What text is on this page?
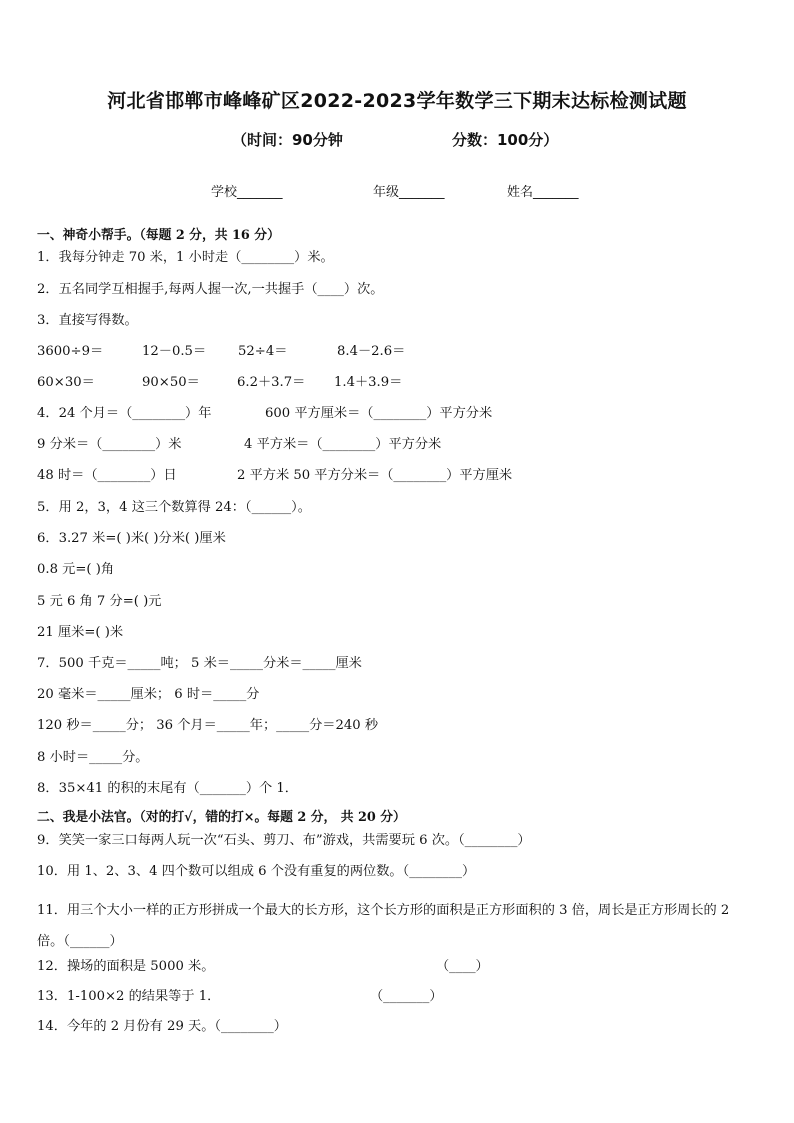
河北省邯郸市峰峰矿区2022-2023学年数学三下期末达标检测试题
（时间：90分钟	分数：100分）
学校_______	年级_______	姓名_______
一、神奇小帮手。（每题 2 分，共 16 分）
1．我每分钟走 70 米，1 小时走（________）米。
2．五名同学互相握手,每两人握一次,一共握手（____）次。
3．直接写得数。
3600÷9＝	12－0.5＝ 52÷4＝	8.4－2.6＝
60×30＝	90×50＝	6.2＋3.7＝ 1.4＋3.9＝
4．24 个月＝（________）年	600 平方厘米＝（________）平方分米
9 分米＝（________）米	4 平方米＝（________）平方分米
48 时＝（________）日	2 平方米 50 平方分米＝（________）平方厘米
5．用 2，3，4 这三个数算得 24：（______）。
6．3.27 米=( )米( )分米( )厘米
0.8 元=( )角
5 元 6 角 7 分=( )元
21 厘米=( )米
7．500 千克＝_____吨； 5 米＝_____分米＝_____厘米
20 毫米＝_____厘米； 6 时＝_____分
120 秒＝_____分； 36 个月＝_____年；_____分＝240 秒
8 小时＝_____分。
8．35×41 的积的末尾有（_______）个 1．
二、我是小法官。（对的打√，错的打×。每题 2 分， 共 20 分）
9．笑笑一家三口每两人玩一次“石头、剪刀、布”游戏，共需要玩 6 次。（________）
10．用 1、2、3、4 四个数可以组成 6 个没有重复的两位数。（________）
11．用三个大小一样的正方形拼成一个最大的长方形，这个长方形的面积是正方形面积的 3 倍，周长是正方形周长的 2 倍。（______）
12．操场的面积是 5000 米。	（____）
13．1-100×2 的结果等于 1．	（_______）
14．今年的 2 月份有 29 天。（________）
